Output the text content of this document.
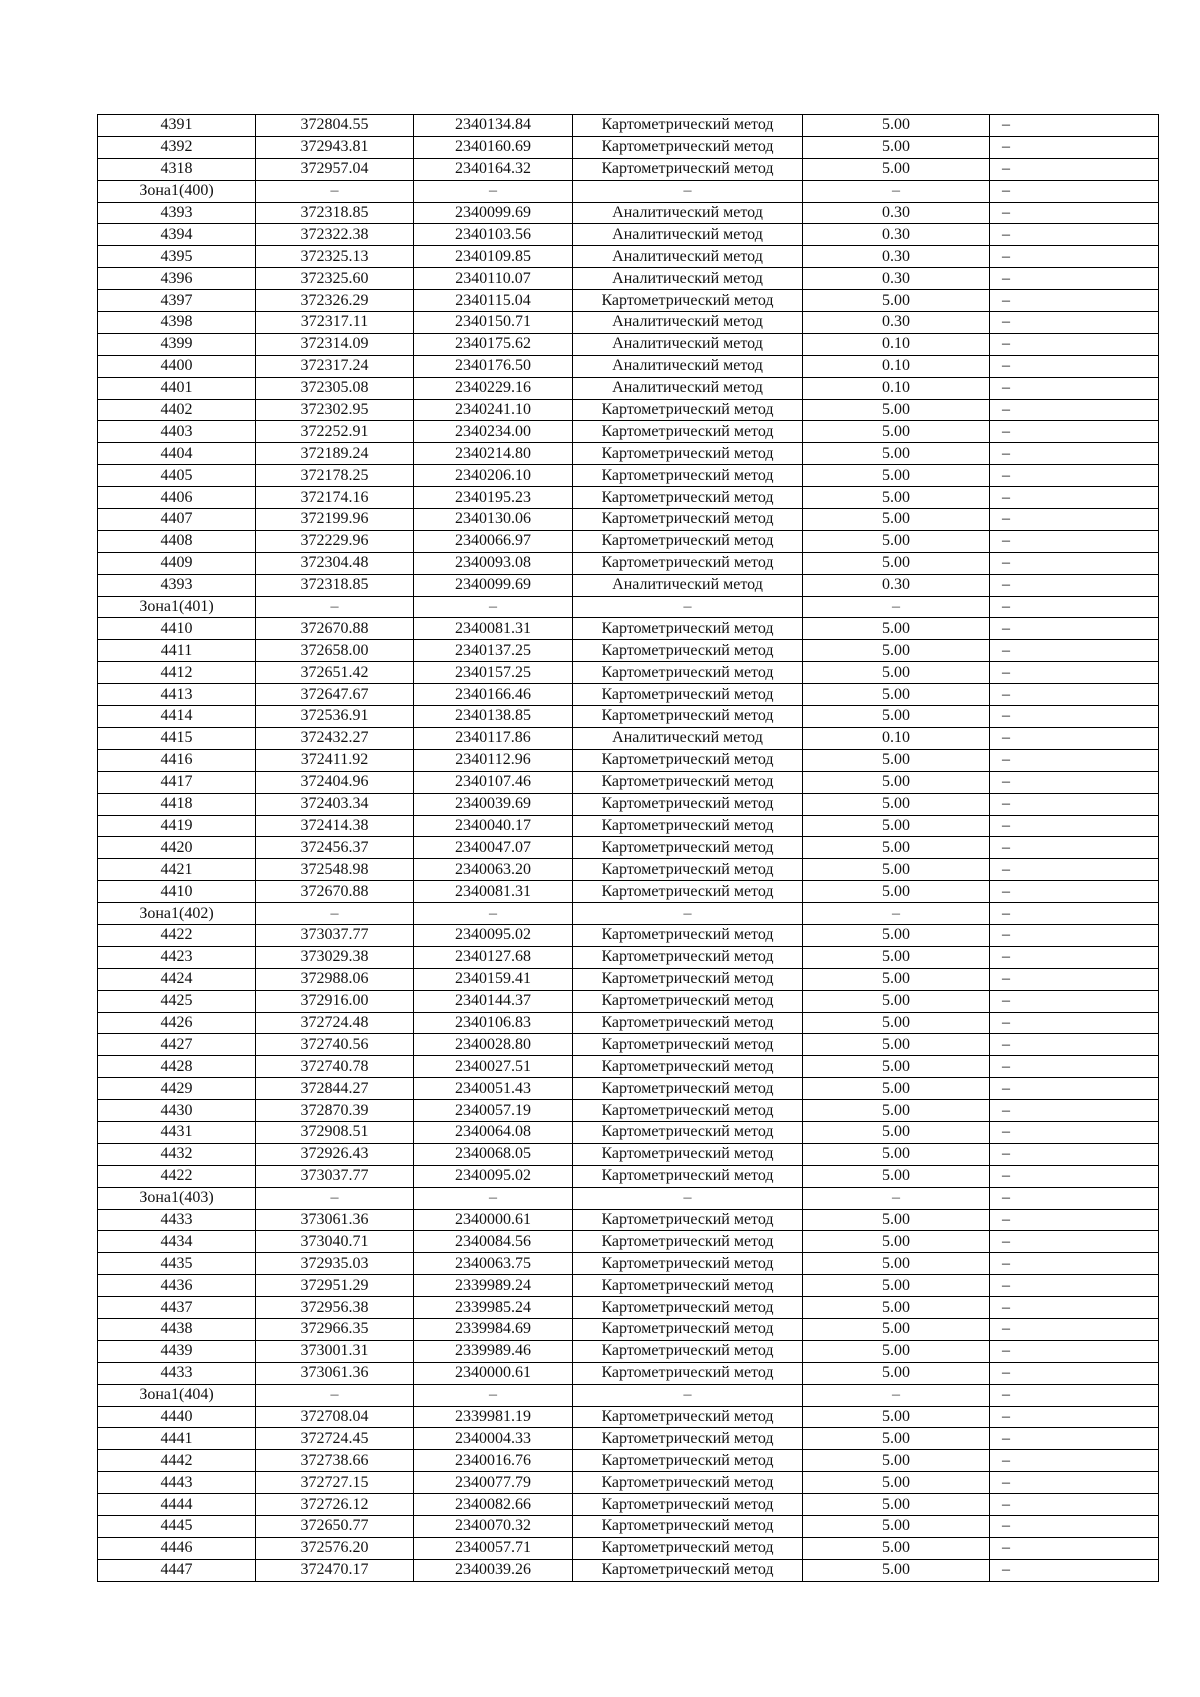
4391	372804.55	2340134.84	Картометрический метод	5.00	–
4392	372943.81	2340160.69	Картометрический метод	5.00	–
4318	372957.04	2340164.32	Картометрический метод	5.00	–
Зона1(400)	–	–	–	–	–
4393	372318.85	2340099.69	Аналитический метод	0.30	–
4394	372322.38	2340103.56	Аналитический метод	0.30	–
4395	372325.13	2340109.85	Аналитический метод	0.30	–
4396	372325.60	2340110.07	Аналитический метод	0.30	–
4397	372326.29	2340115.04	Картометрический метод	5.00	–
4398	372317.11	2340150.71	Аналитический метод	0.30	–
4399	372314.09	2340175.62	Аналитический метод	0.10	–
4400	372317.24	2340176.50	Аналитический метод	0.10	–
4401	372305.08	2340229.16	Аналитический метод	0.10	–
4402	372302.95	2340241.10	Картометрический метод	5.00	–
4403	372252.91	2340234.00	Картометрический метод	5.00	–
4404	372189.24	2340214.80	Картометрический метод	5.00	–
4405	372178.25	2340206.10	Картометрический метод	5.00	–
4406	372174.16	2340195.23	Картометрический метод	5.00	–
4407	372199.96	2340130.06	Картометрический метод	5.00	–
4408	372229.96	2340066.97	Картометрический метод	5.00	–
4409	372304.48	2340093.08	Картометрический метод	5.00	–
4393	372318.85	2340099.69	Аналитический метод	0.30	–
Зона1(401)	–	–	–	–	–
4410	372670.88	2340081.31	Картометрический метод	5.00	–
4411	372658.00	2340137.25	Картометрический метод	5.00	–
4412	372651.42	2340157.25	Картометрический метод	5.00	–
4413	372647.67	2340166.46	Картометрический метод	5.00	–
4414	372536.91	2340138.85	Картометрический метод	5.00	–
4415	372432.27	2340117.86	Аналитический метод	0.10	–
4416	372411.92	2340112.96	Картометрический метод	5.00	–
4417	372404.96	2340107.46	Картометрический метод	5.00	–
4418	372403.34	2340039.69	Картометрический метод	5.00	–
4419	372414.38	2340040.17	Картометрический метод	5.00	–
4420	372456.37	2340047.07	Картометрический метод	5.00	–
4421	372548.98	2340063.20	Картометрический метод	5.00	–
4410	372670.88	2340081.31	Картометрический метод	5.00	–
Зона1(402)	–	–	–	–	–
4422	373037.77	2340095.02	Картометрический метод	5.00	–
4423	373029.38	2340127.68	Картометрический метод	5.00	–
4424	372988.06	2340159.41	Картометрический метод	5.00	–
4425	372916.00	2340144.37	Картометрический метод	5.00	–
4426	372724.48	2340106.83	Картометрический метод	5.00	–
4427	372740.56	2340028.80	Картометрический метод	5.00	–
4428	372740.78	2340027.51	Картометрический метод	5.00	–
4429	372844.27	2340051.43	Картометрический метод	5.00	–
4430	372870.39	2340057.19	Картометрический метод	5.00	–
4431	372908.51	2340064.08	Картометрический метод	5.00	–
4432	372926.43	2340068.05	Картометрический метод	5.00	–
4422	373037.77	2340095.02	Картометрический метод	5.00	–
Зона1(403)	–	–	–	–	–
4433	373061.36	2340000.61	Картометрический метод	5.00	–
4434	373040.71	2340084.56	Картометрический метод	5.00	–
4435	372935.03	2340063.75	Картометрический метод	5.00	–
4436	372951.29	2339989.24	Картометрический метод	5.00	–
4437	372956.38	2339985.24	Картометрический метод	5.00	–
4438	372966.35	2339984.69	Картометрический метод	5.00	–
4439	373001.31	2339989.46	Картометрический метод	5.00	–
4433	373061.36	2340000.61	Картометрический метод	5.00	–
Зона1(404)	–	–	–	–	–
4440	372708.04	2339981.19	Картометрический метод	5.00	–
4441	372724.45	2340004.33	Картометрический метод	5.00	–
4442	372738.66	2340016.76	Картометрический метод	5.00	–
4443	372727.15	2340077.79	Картометрический метод	5.00	–
4444	372726.12	2340082.66	Картометрический метод	5.00	–
4445	372650.77	2340070.32	Картометрический метод	5.00	–
4446	372576.20	2340057.71	Картометрический метод	5.00	–
4447	372470.17	2340039.26	Картометрический метод	5.00	–
